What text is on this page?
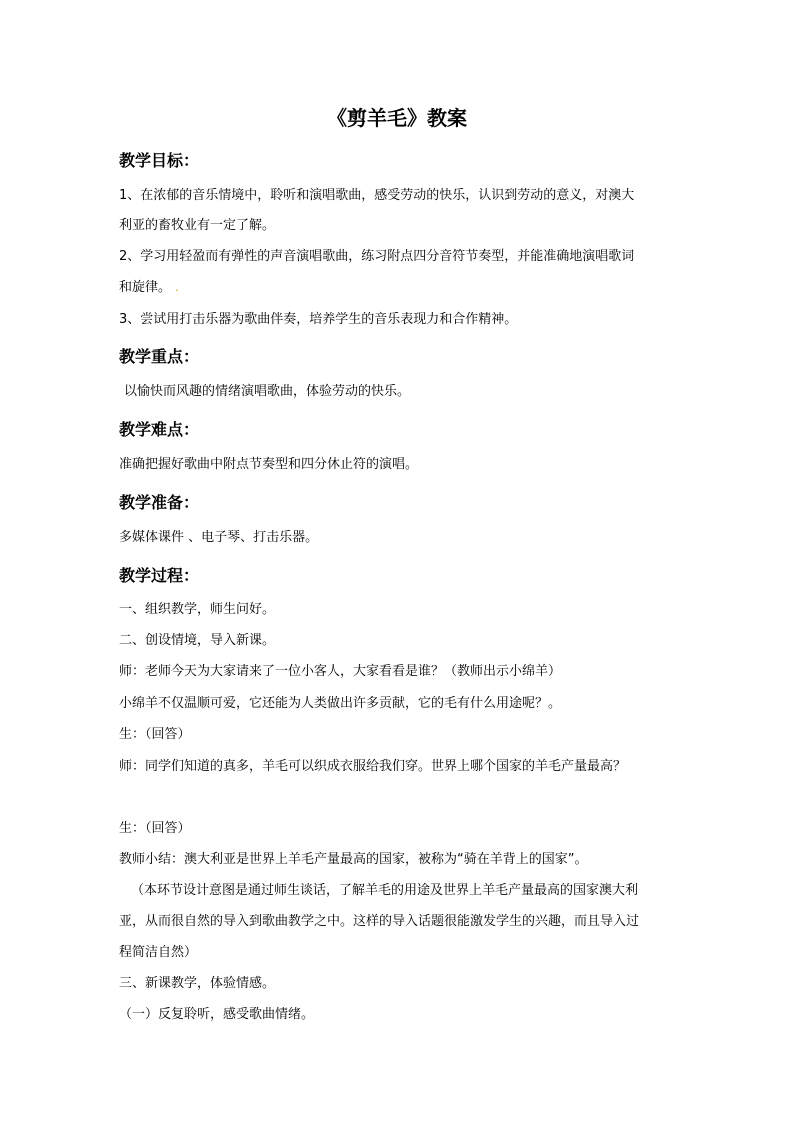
《剪羊毛》教案
教学目标：
1、在浓郁的音乐情境中，聆听和演唱歌曲，感受劳动的快乐，认识到劳动的意义，对澳大
利亚的畜牧业有一定了解。
2、学习用轻盈而有弹性的声音演唱歌曲，练习附点四分音符节奏型，并能准确地演唱歌词
和旋律。 .
3、尝试用打击乐器为歌曲伴奏，培养学生的音乐表现力和合作精神。
教学重点：
以愉快而风趣的情绪演唱歌曲，体验劳动的快乐。
教学难点：
准确把握好歌曲中附点节奏型和四分休止符的演唱。
教学准备：
多媒体课件 、电子琴、打击乐器。
教学过程：
一、组织教学，师生问好。
二、创设情境，导入新课。
师：老师今天为大家请来了一位小客人，大家看看是谁？（教师出示小绵羊）
小绵羊不仅温顺可爱，它还能为人类做出许多贡献，它的毛有什么用途呢？。
生：（回答）
师：同学们知道的真多，羊毛可以织成衣服给我们穿。世界上哪个国家的羊毛产量最高？
生：（回答）
教师小结：澳大利亚是世界上羊毛产量最高的国家，被称为“骑在羊背上的国家”。
（本环节设计意图是通过师生谈话，了解羊毛的用途及世界上羊毛产量最高的国家澳大利
亚，从而很自然的导入到歌曲教学之中。这样的导入话题很能激发学生的兴趣，而且导入过
程简洁自然）
三、新课教学，体验情感。
（一）反复聆听，感受歌曲情绪。
